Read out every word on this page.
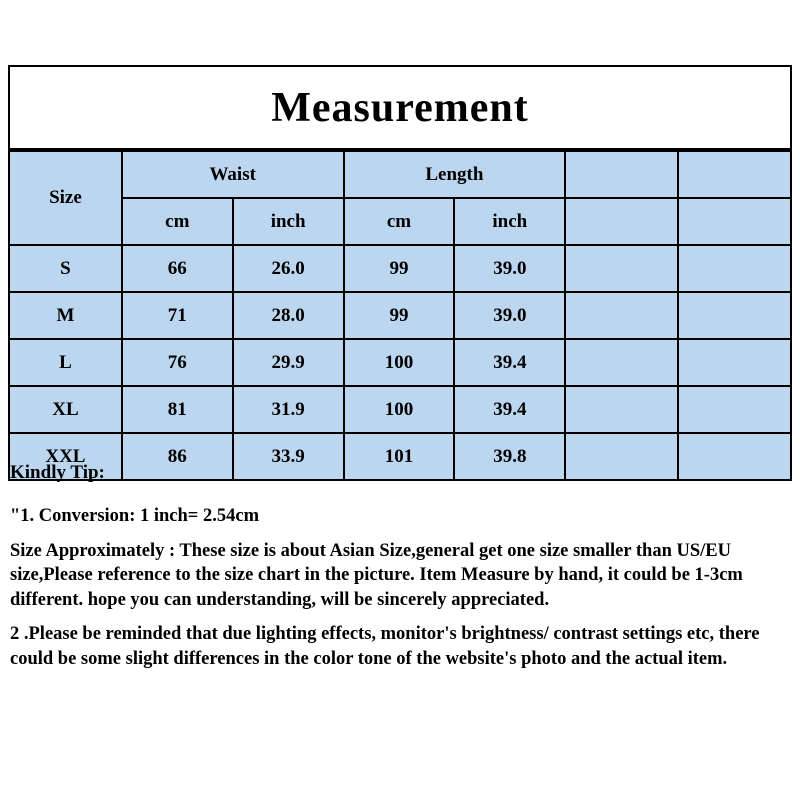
Measurement
Size	Waist		Length			
	cm	inch	cm	inch		
S	66	26.0	99	39.0		
M	71	28.0	99	39.0		
L	76	29.9	100	39.4		
XL	81	31.9	100	39.4		
XXL	86	33.9	101	39.8		

Kindly Tip:

"1. Conversion: 1 inch= 2.54cm

Size Approximately : These size is about Asian Size,general get one size smaller than US/EU size,Please reference to the size chart in the picture. Item Measure by hand, it could be 1-3cm different. hope you can understanding, will be sincerely appreciated.

2 .Please be reminded that due lighting effects, monitor's brightness/ contrast settings etc, there could be some slight differences in the color tone of the website's photo and the actual item.
